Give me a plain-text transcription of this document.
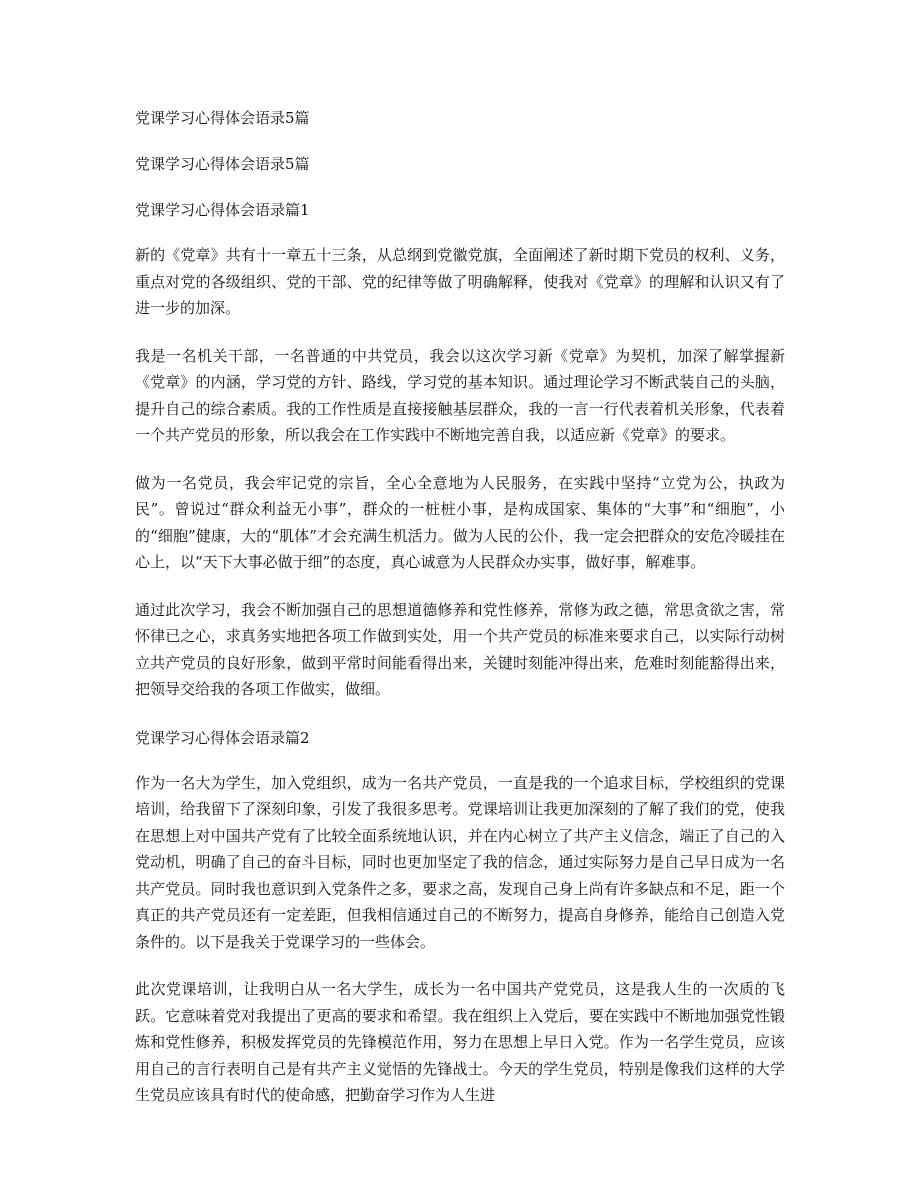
党课学习心得体会语录5篇
党课学习心得体会语录5篇
党课学习心得体会语录篇1

新的《党章》共有十一章五十三条，从总纲到党徽党旗，全面阐述了新时期下党员的权利、义务，重点对党的各级组织、党的干部、党的纪律等做了明确解释，使我对《党章》的理解和认识又有了进一步的加深。

我是一名机关干部，一名普通的中共党员，我会以这次学习新《党章》为契机，加深了解掌握新《党章》的内涵，学习党的方针、路线，学习党的基本知识。通过理论学习不断武装自己的头脑，提升自己的综合素质。我的工作性质是直接接触基层群众，我的一言一行代表着机关形象，代表着一个共产党员的形象，所以我会在工作实践中不断地完善自我，以适应新《党章》的要求。

做为一名党员，我会牢记党的宗旨，全心全意地为人民服务，在实践中坚持“立党为公，执政为民”。曾说过“群众利益无小事”，群众的一桩桩小事，是构成国家、集体的“大事”和“细胞”，小的“细胞”健康，大的“肌体”才会充满生机活力。做为人民的公仆，我一定会把群众的安危冷暖挂在心上，以“天下大事必做于细”的态度，真心诚意为人民群众办实事，做好事，解难事。

通过此次学习，我会不断加强自己的思想道德修养和党性修养，常修为政之德，常思贪欲之害，常怀律已之心，求真务实地把各项工作做到实处，用一个共产党员的标准来要求自己，以实际行动树立共产党员的良好形象，做到平常时间能看得出来，关键时刻能冲得出来，危难时刻能豁得出来，把领导交给我的各项工作做实，做细。

党课学习心得体会语录篇2

作为一名大为学生，加入党组织，成为一名共产党员，一直是我的一个追求目标，学校组织的党课培训，给我留下了深刻印象，引发了我很多思考。党课培训让我更加深刻的了解了我们的党，使我在思想上对中国共产党有了比较全面系统地认识，并在内心树立了共产主义信念，端正了自己的入党动机，明确了自己的奋斗目标，同时也更加坚定了我的信念，通过实际努力是自己早日成为一名共产党员。同时我也意识到入党条件之多，要求之高，发现自己身上尚有许多缺点和不足，距一个真正的共产党员还有一定差距，但我相信通过自己的不断努力，提高自身修养，能给自己创造入党条件的。以下是我关于党课学习的一些体会。

此次党课培训，让我明白从一名大学生，成长为一名中国共产党党员，这是我人生的一次质的飞跃。它意味着党对我提出了更高的要求和希望。我在组织上入党后，要在实践中不断地加强党性锻炼和党性修养，积极发挥党员的先锋模范作用，努力在思想上早日入党。作为一名学生党员，应该用自己的言行表明自己是有共产主义觉悟的先锋战士。今天的学生党员，特别是像我们这样的大学生党员应该具有时代的使命感，把勤奋学习作为人生进
